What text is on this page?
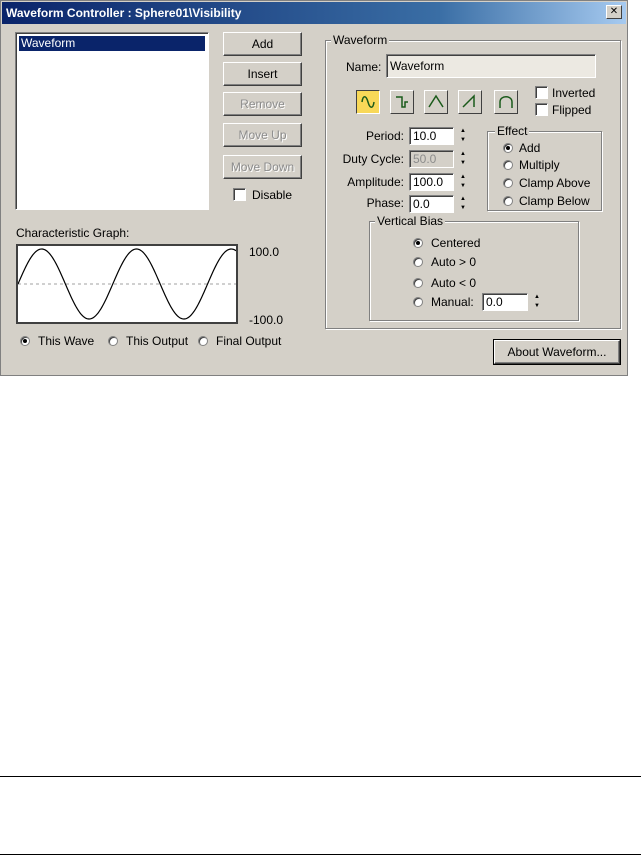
Waveform Controller : Sphere01\Visibility	✕
Waveform	Add
Insert
Remove
Move Up
Move Down
Disable
Characteristic Graph:
100.0
-100.0
This Wave	This Output Final Output
Waveform
Name: Waveform
Inverted
Flipped
Period: 10.0	▲
▼
Duty Cycle: 50.0	▲
▼
Amplitude: 100.0	▲
▼
Phase: 0.0	▲
▼
Effect
Add
Multiply
Clamp Above
Clamp Below
Vertical Bias
Centered
Auto > 0
Auto < 0
Manual:	0.0	▲
▼
About Waveform...
